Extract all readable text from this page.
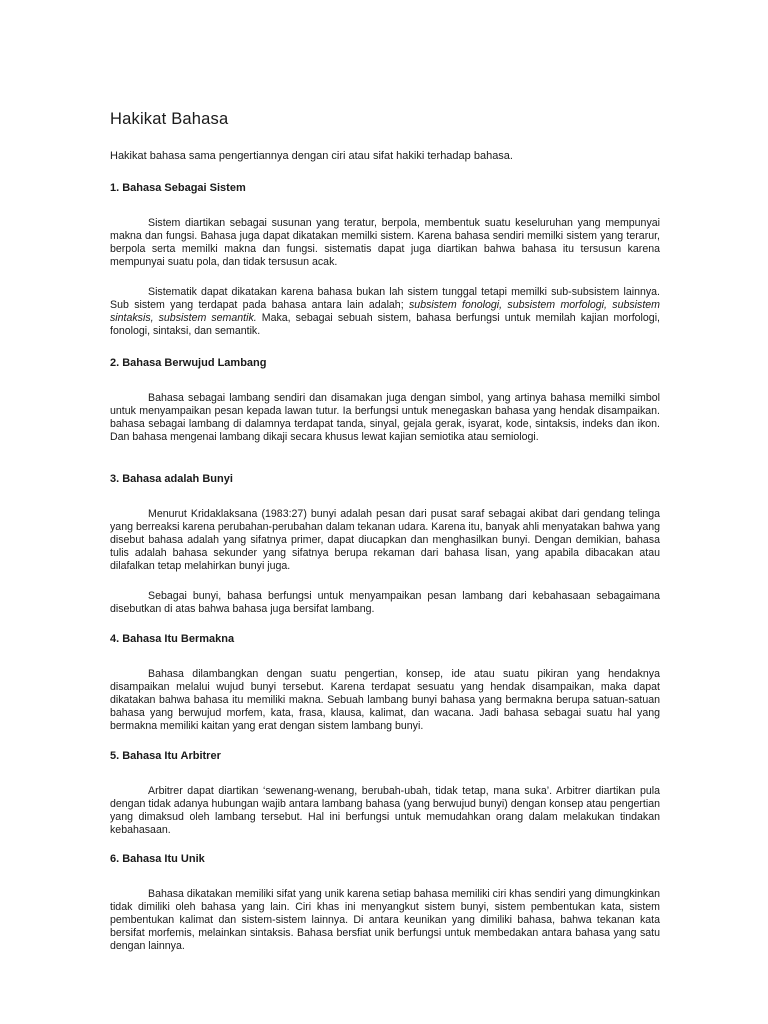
Hakikat Bahasa

Hakikat bahasa sama pengertiannya dengan ciri atau sifat hakiki terhadap bahasa.

1. Bahasa Sebagai Sistem

Sistem diartikan sebagai susunan yang teratur, berpola, membentuk suatu keseluruhan yang mempunyai makna dan fungsi. Bahasa juga dapat dikatakan memilki sistem. Karena bahasa sendiri memilki sistem yang terarur, berpola serta memilki makna dan fungsi. sistematis dapat juga diartikan bahwa bahasa itu tersusun karena mempunyai suatu pola, dan tidak tersusun acak.

Sistematik dapat dikatakan karena bahasa bukan lah sistem tunggal tetapi memilki sub-subsistem lainnya. Sub sistem yang terdapat pada bahasa antara lain adalah; subsistem fonologi, subsistem morfologi, subsistem sintaksis, subsistem semantik. Maka, sebagai sebuah sistem, bahasa berfungsi untuk memilah kajian morfologi, fonologi, sintaksi, dan semantik.

2. Bahasa Berwujud Lambang

Bahasa sebagai lambang sendiri dan disamakan juga dengan simbol, yang artinya bahasa memilki simbol untuk menyampaikan pesan kepada lawan tutur. Ia berfungsi untuk menegaskan bahasa yang hendak disampaikan. bahasa sebagai lambang di dalamnya terdapat tanda, sinyal, gejala gerak, isyarat, kode, sintaksis, indeks dan ikon. Dan bahasa mengenai lambang dikaji secara khusus lewat kajian semiotika atau semiologi.

3. Bahasa adalah Bunyi

Menurut Kridaklaksana (1983:27) bunyi adalah pesan dari pusat saraf sebagai akibat dari gendang telinga yang berreaksi karena perubahan-perubahan dalam tekanan udara. Karena itu, banyak ahli menyatakan bahwa yang disebut bahasa adalah yang sifatnya primer, dapat diucapkan dan menghasilkan bunyi. Dengan demikian, bahasa tulis adalah bahasa sekunder yang sifatnya berupa rekaman dari bahasa lisan, yang apabila dibacakan atau dilafalkan tetap melahirkan bunyi juga.

Sebagai bunyi, bahasa berfungsi untuk menyampaikan pesan lambang dari kebahasaan sebagaimana disebutkan di atas bahwa bahasa juga bersifat lambang.

4. Bahasa Itu Bermakna

Bahasa dilambangkan dengan suatu pengertian, konsep, ide atau suatu pikiran yang hendaknya disampaikan melalui wujud bunyi tersebut. Karena terdapat sesuatu yang hendak disampaikan, maka dapat dikatakan bahwa bahasa itu memiliki makna. Sebuah lambang bunyi bahasa yang bermakna berupa satuan-satuan bahasa yang berwujud morfem, kata, frasa, klausa, kalimat, dan wacana. Jadi bahasa sebagai suatu hal yang bermakna memiliki kaitan yang erat dengan sistem lambang bunyi.

5. Bahasa Itu Arbitrer

Arbitrer dapat diartikan ‘sewenang-wenang, berubah-ubah, tidak tetap, mana suka’. Arbitrer diartikan pula dengan tidak adanya hubungan wajib antara lambang bahasa (yang berwujud bunyi) dengan konsep atau pengertian yang dimaksud oleh lambang tersebut. Hal ini berfungsi untuk memudahkan orang dalam melakukan tindakan kebahasaan.

6. Bahasa Itu Unik

Bahasa dikatakan memiliki sifat yang unik karena setiap bahasa memiliki ciri khas sendiri yang dimungkinkan tidak dimiliki oleh bahasa yang lain. Ciri khas ini menyangkut sistem bunyi, sistem pembentukan kata, sistem pembentukan kalimat dan sistem-sistem lainnya. Di antara keunikan yang dimiliki bahasa, bahwa tekanan kata bersifat morfemis, melainkan sintaksis. Bahasa bersfiat unik berfungsi untuk membedakan antara bahasa yang satu dengan lainnya.
